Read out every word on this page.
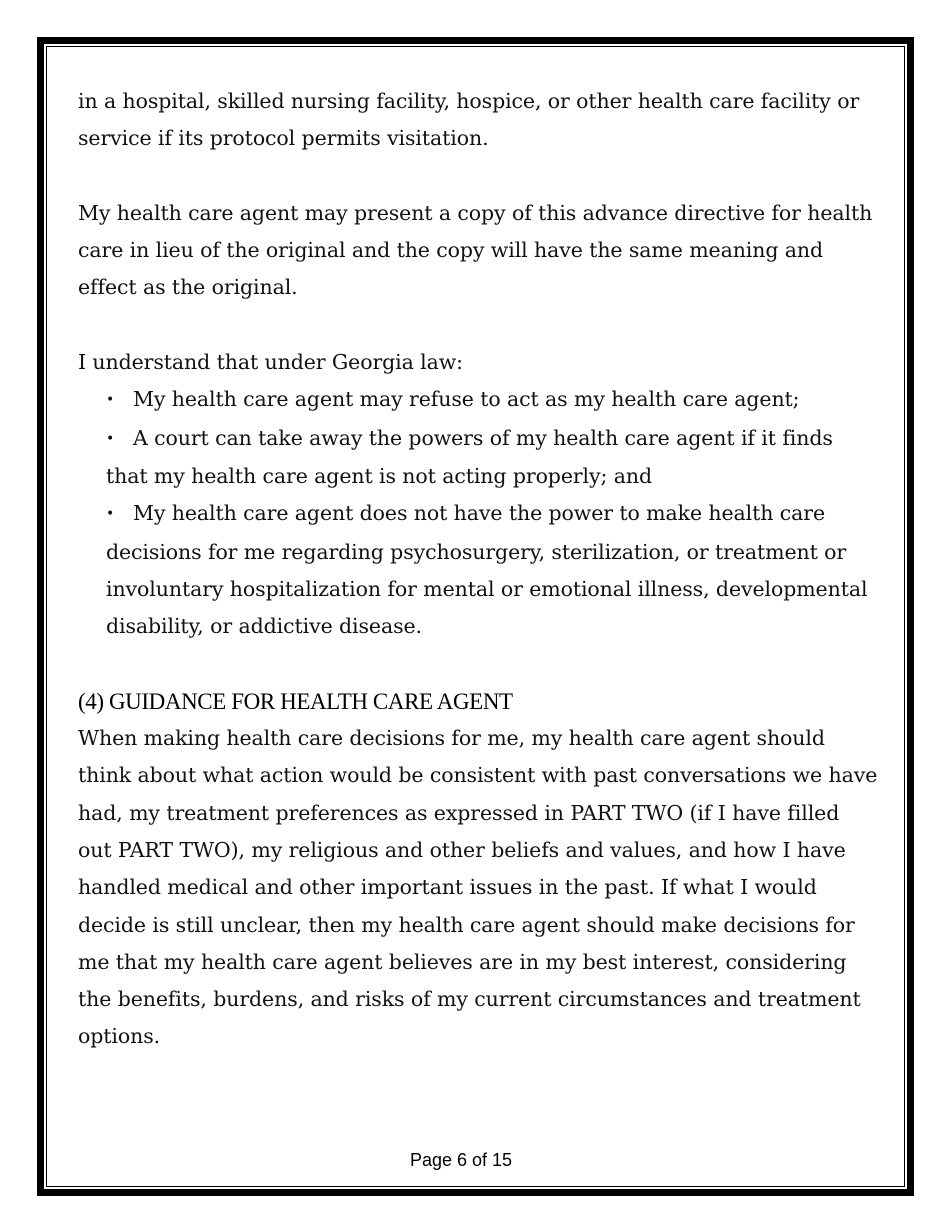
in a hospital, skilled nursing facility, hospice, or other health care facility or service if its protocol permits visitation.

My health care agent may present a copy of this advance directive for health care in lieu of the original and the copy will have the same meaning and effect as the original.

I understand that under Georgia law:

• My health care agent may refuse to act as my health care agent;
• A court can take away the powers of my health care agent if it finds that my health care agent is not acting properly; and
• My health care agent does not have the power to make health care decisions for me regarding psychosurgery, sterilization, or treatment or involuntary hospitalization for mental or emotional illness, developmental disability, or addictive disease.

(4) GUIDANCE FOR HEALTH CARE AGENT

When making health care decisions for me, my health care agent should think about what action would be consistent with past conversations we have had, my treatment preferences as expressed in PART TWO (if I have filled out PART TWO), my religious and other beliefs and values, and how I have handled medical and other important issues in the past. If what I would decide is still unclear, then my health care agent should make decisions for me that my health care agent believes are in my best interest, considering the benefits, burdens, and risks of my current circumstances and treatment options.

Page 6 of 15
